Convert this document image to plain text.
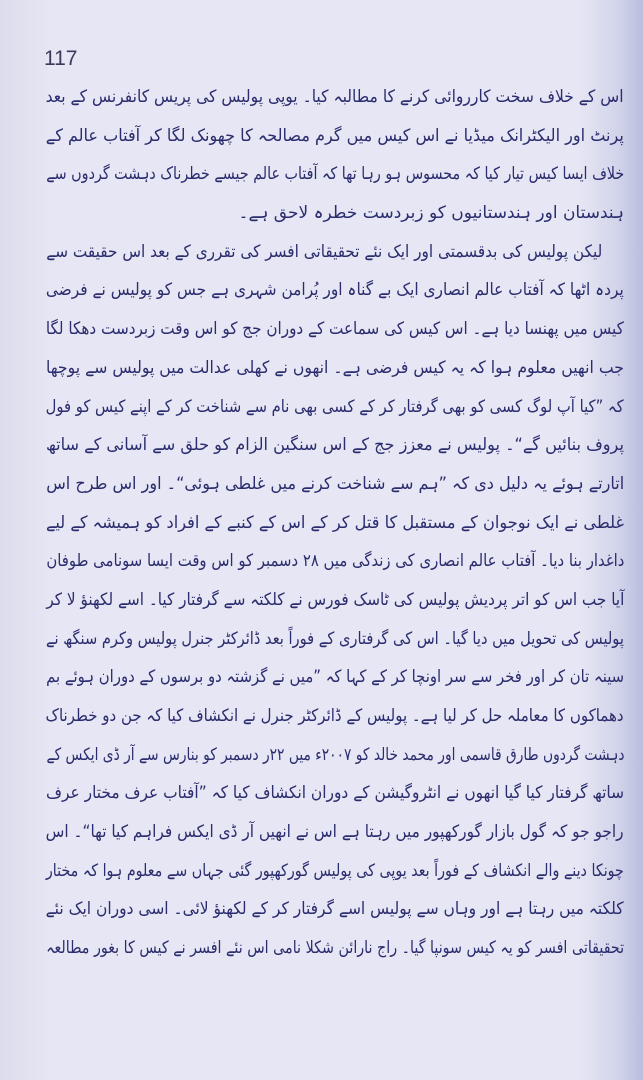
117
اس کے خلاف سخت کارروائی کرنے کا مطالبہ کیا۔ یوپی پولیس کی پریس کانفرنس کے بعد
پرنٹ اور الیکٹرانک میڈیا نے اس کیس میں گرم مصالحہ کا چھونک لگا کر آفتاب عالم کے
خلاف ایسا کیس تیار کیا کہ محسوس ہو رہا تھا کہ آفتاب عالم جیسے خطرناک دہشت گردوں سے
ہندستان اور ہندستانیوں کو زبردست خطرہ لاحق ہے۔
لیکن پولیس کی بدقسمتی اور ایک نئے تحقیقاتی افسر کی تقرری کے بعد اس حقیقت سے
پردہ اٹھا کہ آفتاب عالم انصاری ایک بے گناہ اور پُرامن شہری ہے جس کو پولیس نے فرضی
کیس میں پھنسا دیا ہے۔ اس کیس کی سماعت کے دوران جج کو اس وقت زبردست دھکا لگا
جب انھیں معلوم ہوا کہ یہ کیس فرضی ہے۔ انھوں نے کھلی عدالت میں پولیس سے پوچھا
کہ ”کیا آپ لوگ کسی کو بھی گرفتار کر کے کسی بھی نام سے شناخت کر کے اپنے کیس کو فول
پروف بنائیں گے“۔ پولیس نے معزز جج کے اس سنگین الزام کو حلق سے آسانی کے ساتھ
اتارتے ہوئے یہ دلیل دی کہ ”ہم سے شناخت کرنے میں غلطی ہوئی“۔ اور اس طرح اس
غلطی نے ایک نوجوان کے مستقبل کا قتل کر کے اس کے کنبے کے افراد کو ہمیشہ کے لیے
داغدار بنا دیا۔ آفتاب عالم انصاری کی زندگی میں ۲۸ دسمبر کو اس وقت ایسا سونامی طوفان
آیا جب اس کو اتر پردیش پولیس کی ٹاسک فورس نے کلکتہ سے گرفتار کیا۔ اسے لکھنؤ لا کر
پولیس کی تحویل میں دیا گیا۔ اس کی گرفتاری کے فوراً بعد ڈائرکٹر جنرل پولیس وکرم سنگھ نے
سینہ تان کر اور فخر سے سر اونچا کر کے کہا کہ ”میں نے گزشتہ دو برسوں کے دوران ہوئے بم
دھماکوں کا معاملہ حل کر لیا ہے۔ پولیس کے ڈائرکٹر جنرل نے انکشاف کیا کہ جن دو خطرناک
دہشت گردوں طارق قاسمی اور محمد خالد کو ۲۰۰۷ء میں ۲۲ر دسمبر کو بنارس سے آر ڈی ایکس کے
ساتھ گرفتار کیا گیا انھوں نے انٹروگیشن کے دوران انکشاف کیا کہ ”آفتاب عرف مختار عرف
راجو جو کہ گول بازار گورکھپور میں رہتا ہے اس نے انھیں آر ڈی ایکس فراہم کیا تھا“۔ اس
چونکا دینے والے انکشاف کے فوراً بعد یوپی کی پولیس گورکھپور گئی جہاں سے معلوم ہوا کہ مختار
کلکتہ میں رہتا ہے اور وہاں سے پولیس اسے گرفتار کر کے لکھنؤ لائی۔ اسی دوران ایک نئے
تحقیقاتی افسر کو یہ کیس سونپا گیا۔ راج نارائن شکلا نامی اس نئے افسر نے کیس کا بغور مطالعہ
